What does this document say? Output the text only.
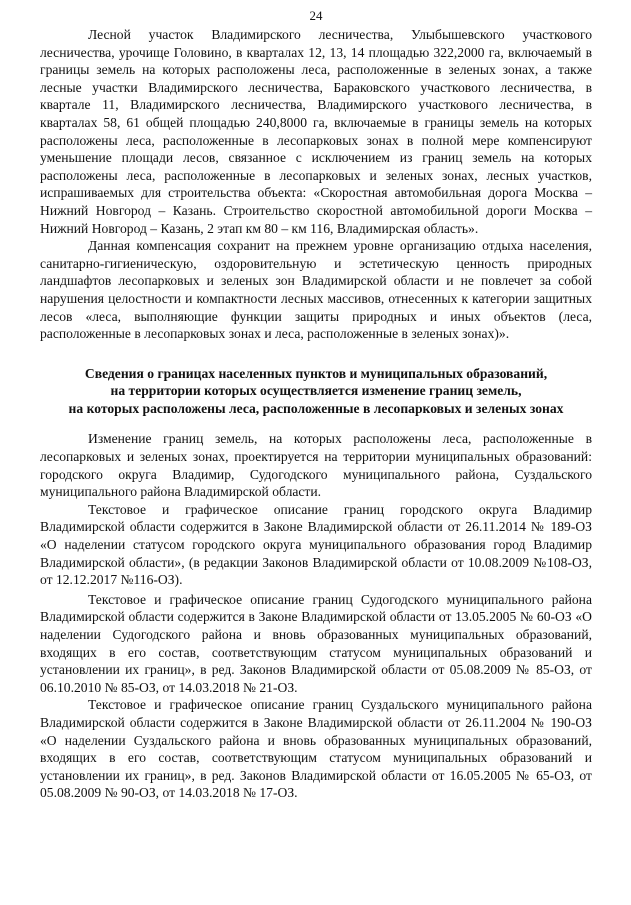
24

Лесной участок Владимирского лесничества, Улыбышевского участкового лесничества, урочище Головино, в кварталах 12, 13, 14 площадью 322,2000 га, включаемый в границы земель на которых расположены леса, расположенные в зеленых зонах, а также лесные участки Владимирского лесничества, Бараковского участкового лесничества, в квартале 11, Владимирского лесничества, Владимирского участкового лесничества, в кварталах 58, 61 общей площадью 240,8000 га, включаемые в границы земель на которых расположены леса, расположенные в лесопарковых зонах в полной мере компенсируют уменьшение площади лесов, связанное с исключением из границ земель на которых расположены леса, расположенные в лесопарковых и зеленых зонах, лесных участков, испрашиваемых для строительства объекта: «Скоростная автомобильная дорога Москва – Нижний Новгород – Казань. Строительство скоростной автомобильной дороги Москва – Нижний Новгород – Казань, 2 этап км 80 – км 116, Владимирская область».

Данная компенсация сохранит на прежнем уровне организацию отдыха населения, санитарно-гигиеническую, оздоровительную и эстетическую ценность природных ландшафтов лесопарковых и зеленых зон Владимирской области и не повлечет за собой нарушения целостности и компактности лесных массивов, отнесенных к категории защитных лесов «леса, выполняющие функции защиты природных и иных объектов (леса, расположенные в лесопарковых зонах и леса, расположенные в зеленых зонах)».

Сведения о границах населенных пунктов и муниципальных образований,
на территории которых осуществляется изменение границ земель,
на которых расположены леса, расположенные в лесопарковых и зеленых зонах

Изменение границ земель, на которых расположены леса, расположенные в лесопарковых и зеленых зонах, проектируется на территории муниципальных образований: городского округа Владимир, Судогодского муниципального района, Суздальского муниципального района Владимирской области.

Текстовое и графическое описание границ городского округа Владимир Владимирской области содержится в Законе Владимирской области от 26.11.2014 № 189-ОЗ «О наделении статусом городского округа муниципального образования город Владимир Владимирской области», (в редакции Законов Владимирской области от 10.08.2009 №108-ОЗ, от 12.12.2017 №116-ОЗ).

Текстовое и графическое описание границ Судогодского муниципального района Владимирской области содержится в Законе Владимирской области от 13.05.2005 № 60-ОЗ «О наделении Судогодского района и вновь образованных муниципальных образований, входящих в его состав, соответствующим статусом муниципальных образований и установлении их границ», в ред. Законов Владимирской области от 05.08.2009 № 85-ОЗ, от 06.10.2010 № 85-ОЗ, от 14.03.2018 № 21-ОЗ.

Текстовое и графическое описание границ Суздальского муниципального района Владимирской области содержится в Законе Владимирской области от 26.11.2004 № 190-ОЗ «О наделении Суздальского района и вновь образованных муниципальных образований, входящих в его состав, соответствующим статусом муниципальных образований и установлении их границ», в ред. Законов Владимирской области от 16.05.2005 № 65-ОЗ, от 05.08.2009 № 90-ОЗ, от 14.03.2018 № 17-ОЗ.
